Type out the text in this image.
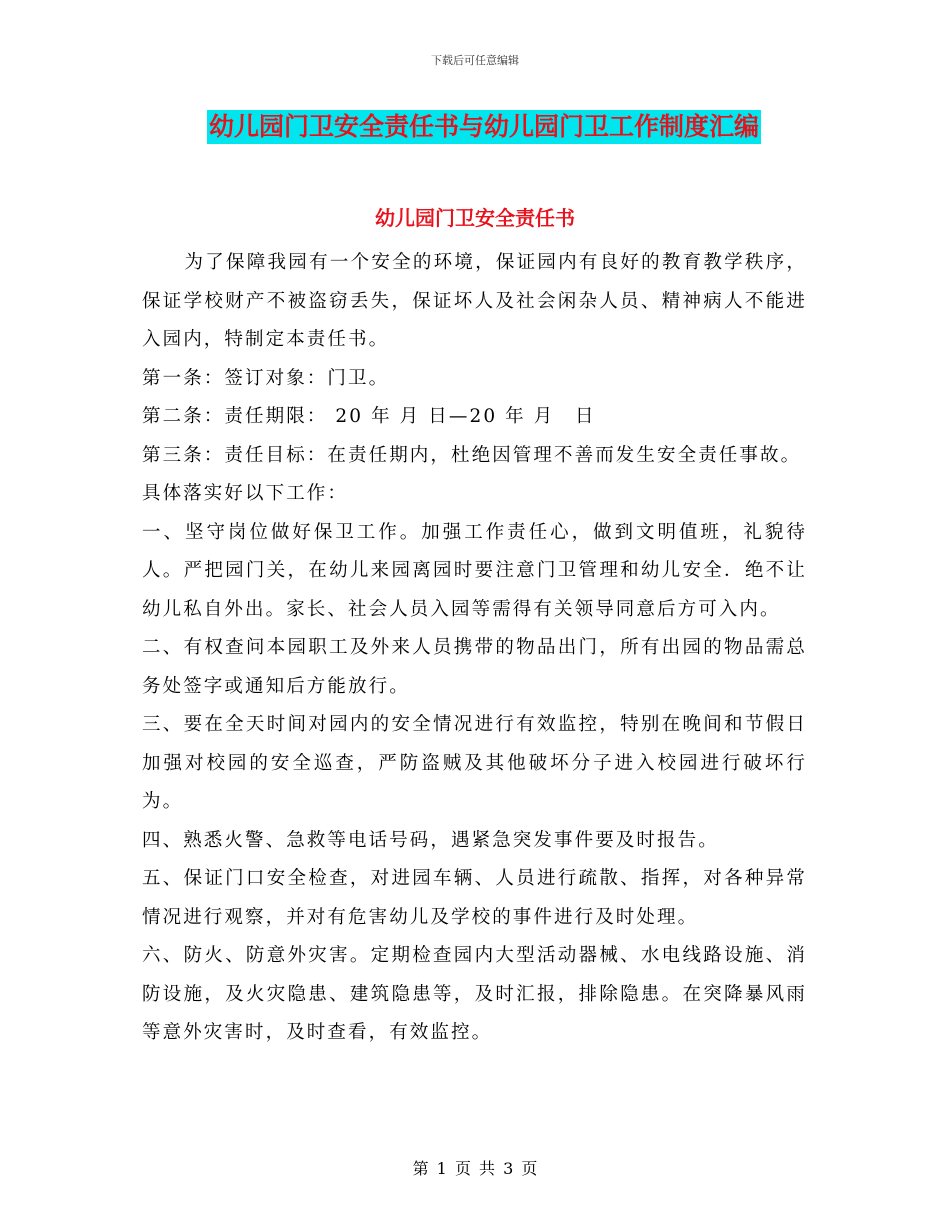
下载后可任意编辑
幼儿园门卫安全责任书与幼儿园门卫工作制度汇编
幼儿园门卫安全责任书

为了保障我园有一个安全的环境，保证园内有良好的教育教学秩序，保证学校财产不被盗窃丢失，保证坏人及社会闲杂人员、精神病人不能进入园内，特制定本责任书。

第一条：签订对象：门卫。

第二条：责任期限： 20 年 月 日—20 年 月　日

第三条：责任目标：在责任期内，杜绝因管理不善而发生安全责任事故。

具体落实好以下工作：

一、坚守岗位做好保卫工作。加强工作责任心，做到文明值班，礼貌待人。严把园门关，在幼儿来园离园时要注意门卫管理和幼儿安全．绝不让幼儿私自外出。家长、社会人员入园等需得有关领导同意后方可入内。

二、有权查问本园职工及外来人员携带的物品出门，所有出园的物品需总务处签字或通知后方能放行。

三、要在全天时间对园内的安全情况进行有效监控，特别在晚间和节假日加强对校园的安全巡查，严防盗贼及其他破坏分子进入校园进行破坏行为。

四、熟悉火警、急救等电话号码，遇紧急突发事件要及时报告。

五、保证门口安全检查，对进园车辆、人员进行疏散、指挥，对各种异常情况进行观察，并对有危害幼儿及学校的事件进行及时处理。

六、防火、防意外灾害。定期检查园内大型活动器械、水电线路设施、消防设施，及火灾隐患、建筑隐患等，及时汇报，排除隐患。在突降暴风雨等意外灾害时，及时查看，有效监控。

第 1 页 共 3 页
